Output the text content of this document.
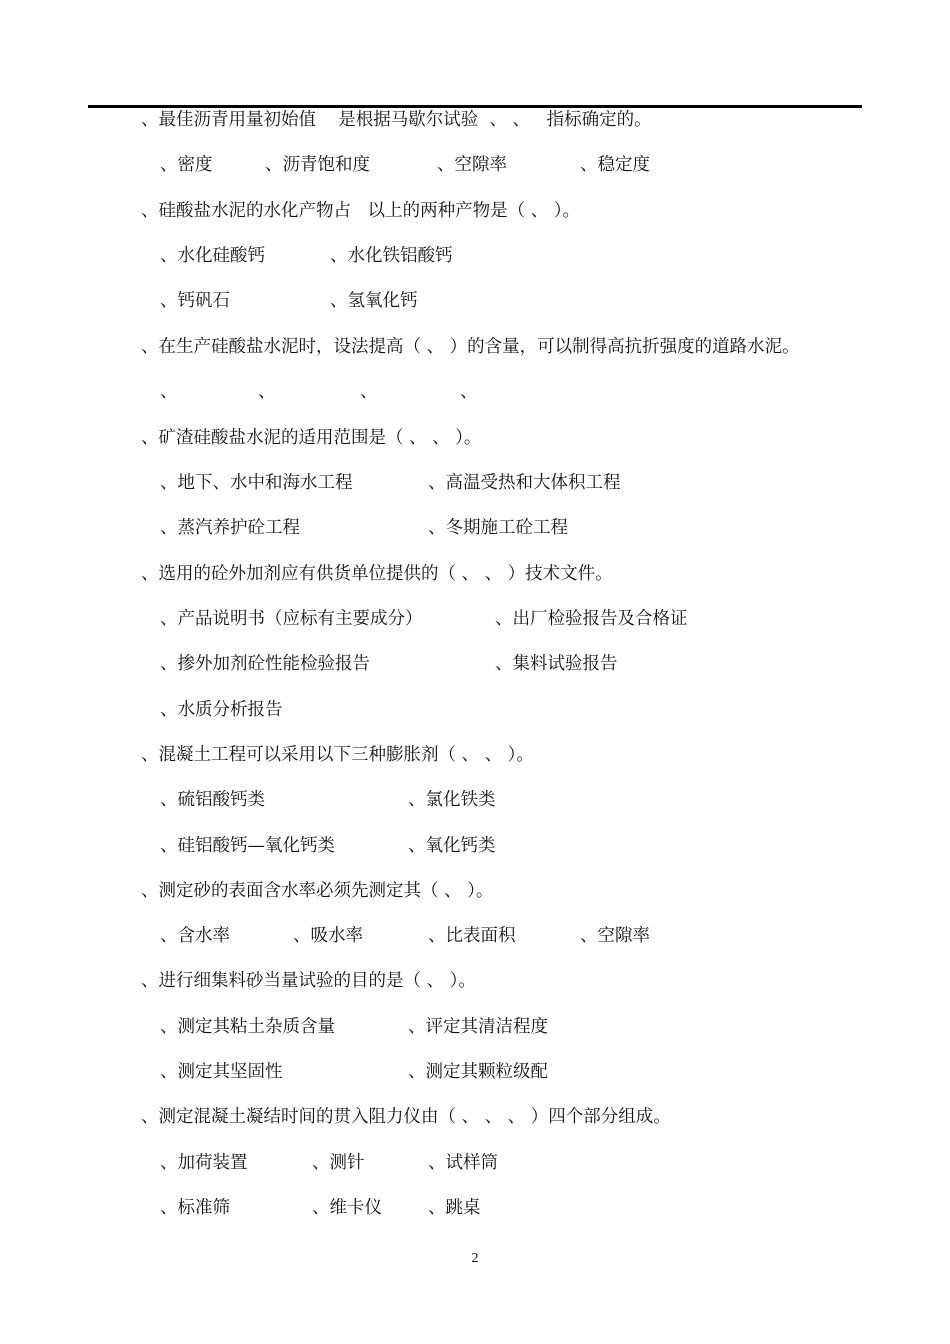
、最佳沥青用量初始值    是根据马歇尔试验  、 、   指标确定的。
、密度	、沥青饱和度	、空隙率	、稳定度
、硅酸盐水泥的水化产物占   以上的两种产物是（ 、 ）。
、水化硅酸钙	、水化铁铝酸钙
、钙矾石	、氢氧化钙
、在生产硅酸盐水泥时，设法提高（ 、 ）的含量，可以制得高抗折强度的道路水泥。
、	、	、	、
、矿渣硅酸盐水泥的适用范围是（ 、 、 ）。
、地下、水中和海水工程	、高温受热和大体积工程
、蒸汽养护砼工程	、冬期施工砼工程
、选用的砼外加剂应有供货单位提供的（ 、 、 ）技术文件。
、产品说明书（应标有主要成分）	、出厂检验报告及合格证
、掺外加剂砼性能检验报告	、集料试验报告
、水质分析报告
、混凝土工程可以采用以下三种膨胀剂（ 、 、 ）。
、硫铝酸钙类	、氯化铁类
、硅铝酸钙—氧化钙类	、氧化钙类
、测定砂的表面含水率必须先测定其（ 、 ）。
、含水率	、吸水率	、比表面积	、空隙率
、进行细集料砂当量试验的目的是（ 、 ）。
、测定其粘土杂质含量	、评定其清洁程度
、测定其坚固性	、测定其颗粒级配
、测定混凝土凝结时间的贯入阻力仪由（ 、 、 、 ）四个部分组成。
、加荷装置	、测针	、试样筒
、标准筛	、维卡仪	、跳桌
2
